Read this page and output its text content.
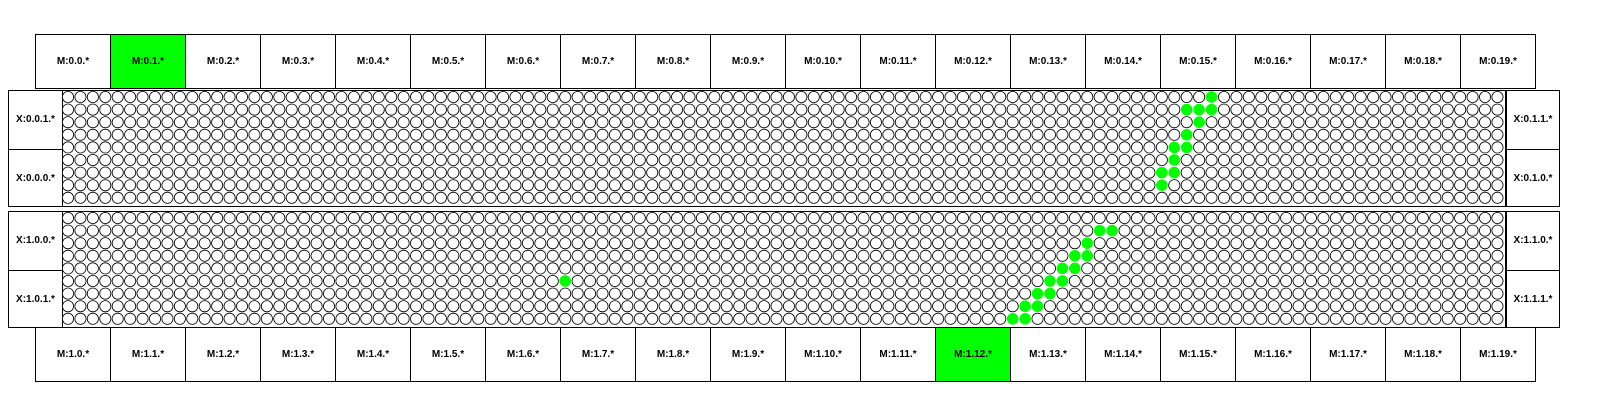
M:0.0.*	M:0.1.*	M:0.2.*	M:0.3.*	M:0.4.*	M:0.5.*	M:0.6.*	M:0.7.*	M:0.8.*	M:0.9.*	M:0.10.*	M:0.11.*	M:0.12.*	M:0.13.*	M:0.14.*	M:0.15.*	M:0.16.*	M:0.17.*	M:0.18.*	M:0.19.*
X:0.0.1.*
X:0.0.0.*
X:0.1.1.*
X:0.1.0.*
X:1.0.0.*
X:1.0.1.*
X:1.1.0.*
X:1.1.1.*
M:1.0.*	M:1.1.*	M:1.2.*	M:1.3.*	M:1.4.*	M:1.5.*	M:1.6.*	M:1.7.*	M:1.8.*	M:1.9.*	M:1.10.*	M:1.11.*	M:1.12.*	M:1.13.*	M:1.14.*	M:1.15.*	M:1.16.*	M:1.17.*	M:1.18.*	M:1.19.*
